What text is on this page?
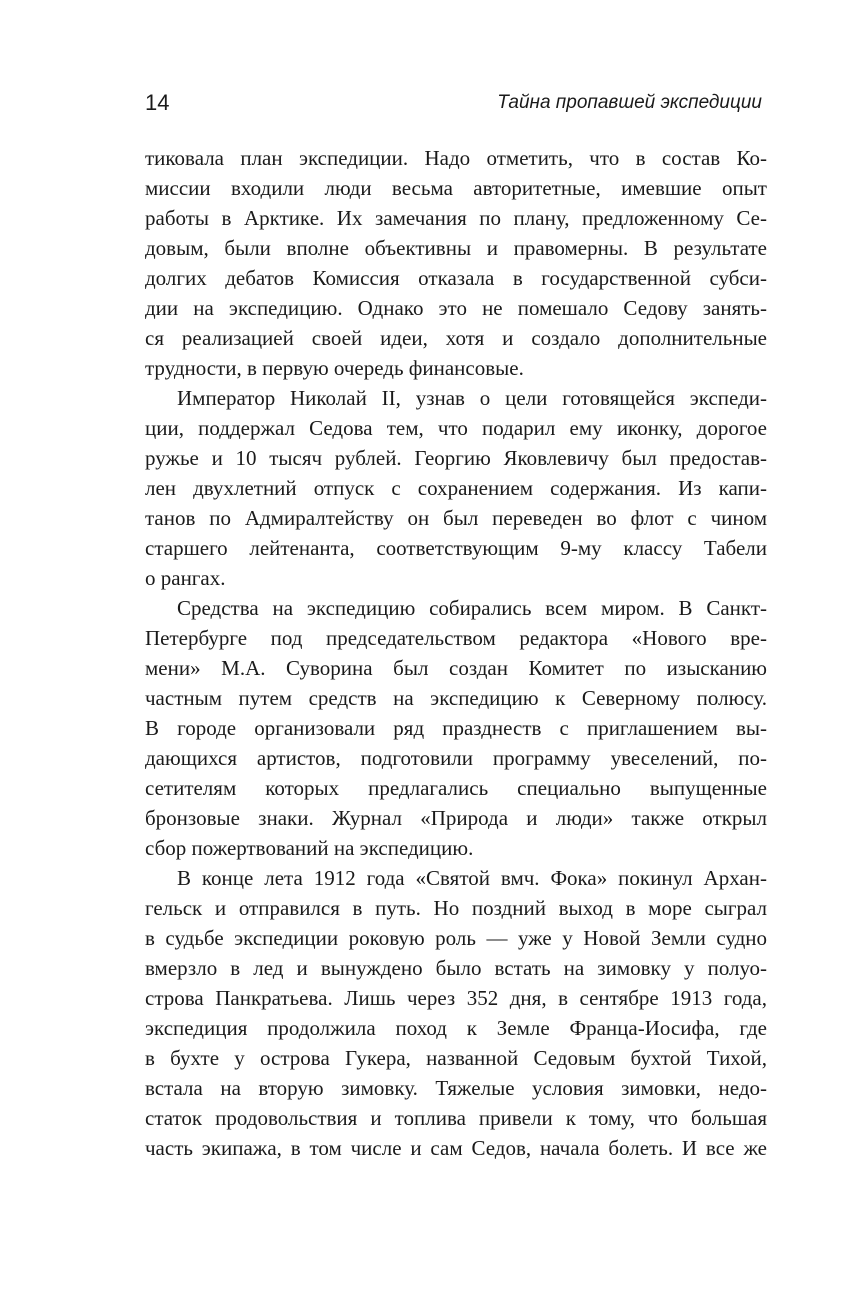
14	Тайна пропавшей экспедиции
тиковала план экспедиции. Надо отметить, что в состав Ко-
миссии входили люди весьма авторитетные, имевшие опыт
работы в Арктике. Их замечания по плану, предложенному Се-
довым, были вполне объективны и правомерны. В результате
долгих дебатов Комиссия отказала в государственной субси-
дии на экспедицию. Однако это не помешало Седову занять-
ся реализацией своей идеи, хотя и создало дополнительные
трудности, в первую очередь финансовые.
Император Николай II, узнав о цели готовящейся экспеди-
ции, поддержал Седова тем, что подарил ему иконку, дорогое
ружье и 10 тысяч рублей. Георгию Яковлевичу был предостав-
лен двухлетний отпуск с сохранением содержания. Из капи-
танов по Адмиралтейству он был переведен во флот с чином
старшего лейтенанта, соответствующим 9-му классу Табели
о рангах.
Средства на экспедицию собирались всем миром. В Санкт-
Петербурге под председательством редактора «Нового вре-
мени» М.А. Суворина был создан Комитет по изысканию
частным путем средств на экспедицию к Северному полюсу.
В городе организовали ряд празднеств с приглашением вы-
дающихся артистов, подготовили программу увеселений, по-
сетителям которых предлагались специально выпущенные
бронзовые знаки. Журнал «Природа и люди» также открыл
сбор пожертвований на экспедицию.
В конце лета 1912 года «Святой вмч. Фока» покинул Архан-
гельск и отправился в путь. Но поздний выход в море сыграл
в судьбе экспедиции роковую роль — уже у Новой Земли судно
вмерзло в лед и вынуждено было встать на зимовку у полуо-
строва Панкратьева. Лишь через 352 дня, в сентябре 1913 года,
экспедиция продолжила поход к Земле Франца-Иосифа, где
в бухте у острова Гукера, названной Седовым бухтой Тихой,
встала на вторую зимовку. Тяжелые условия зимовки, недо-
статок продовольствия и топлива привели к тому, что большая
часть экипажа, в том числе и сам Седов, начала болеть. И все же
